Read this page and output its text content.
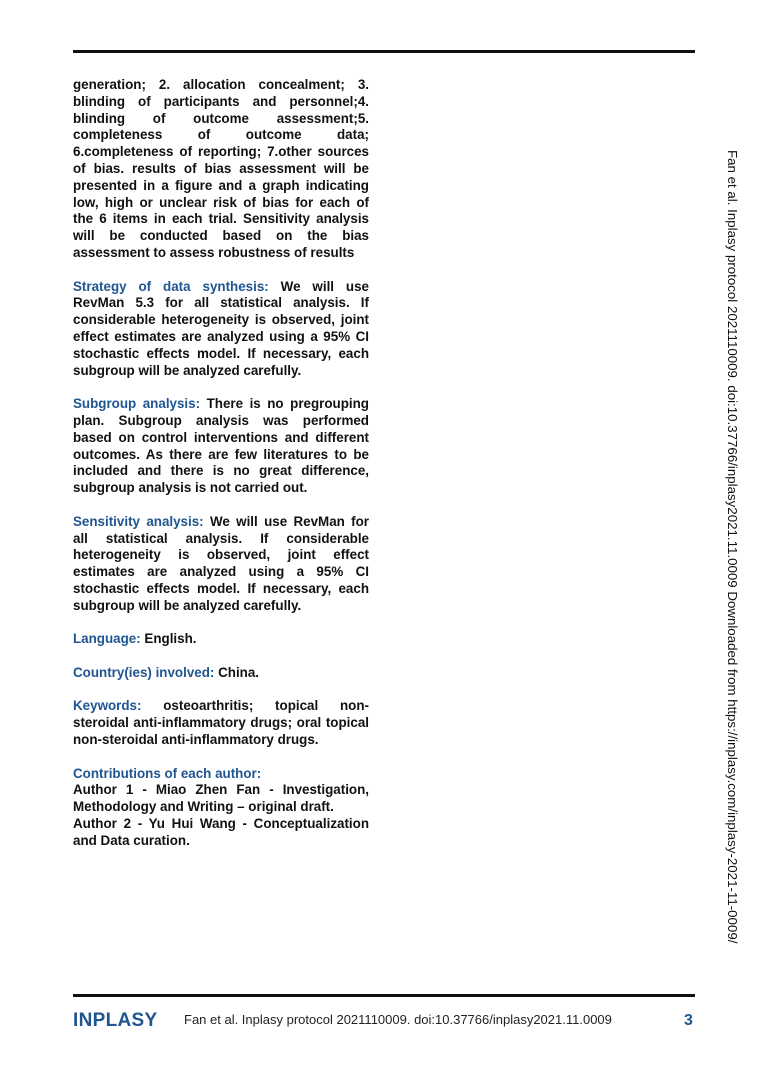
generation; 2. allocation concealment; 3. blinding of participants and personnel;4. blinding of outcome assessment;5. completeness of outcome data; 6.completeness of reporting; 7.other sources of bias. results of bias assessment will be presented in a figure and a graph indicating low, high or unclear risk of bias for each of the 6 items in each trial. Sensitivity analysis will be conducted based on the bias assessment to assess robustness of results

Strategy of data synthesis: We will use RevMan 5.3 for all statistical analysis. If considerable heterogeneity is observed, joint effect estimates are analyzed using a 95% CI stochastic effects model. If necessary, each subgroup will be analyzed carefully.

Subgroup analysis: There is no pregrouping plan. Subgroup analysis was performed based on control interventions and different outcomes. As there are few literatures to be included and there is no great difference, subgroup analysis is not carried out.

Sensitivity analysis: We will use RevMan for all statistical analysis. If considerable heterogeneity is observed, joint effect estimates are analyzed using a 95% CI stochastic effects model. If necessary, each subgroup will be analyzed carefully.

Language: English.

Country(ies) involved: China.

Keywords: osteoarthritis; topical non-steroidal anti-inflammatory drugs; oral topical non-steroidal anti-inflammatory drugs.

Contributions of each author:
Author 1 - Miao Zhen Fan - Investigation, Methodology and Writing – original draft.
Author 2 - Yu Hui Wang - Conceptualization and Data curation.	Fan et al. Inplasy protocol 2021110009. doi:10.37766/inplasy2021.11.0009 Downloaded from https://inplasy.com/inplasy-2021-11-0009/
INPLASY Fan et al. Inplasy protocol 2021110009. doi:10.37766/inplasy2021.11.0009	3
